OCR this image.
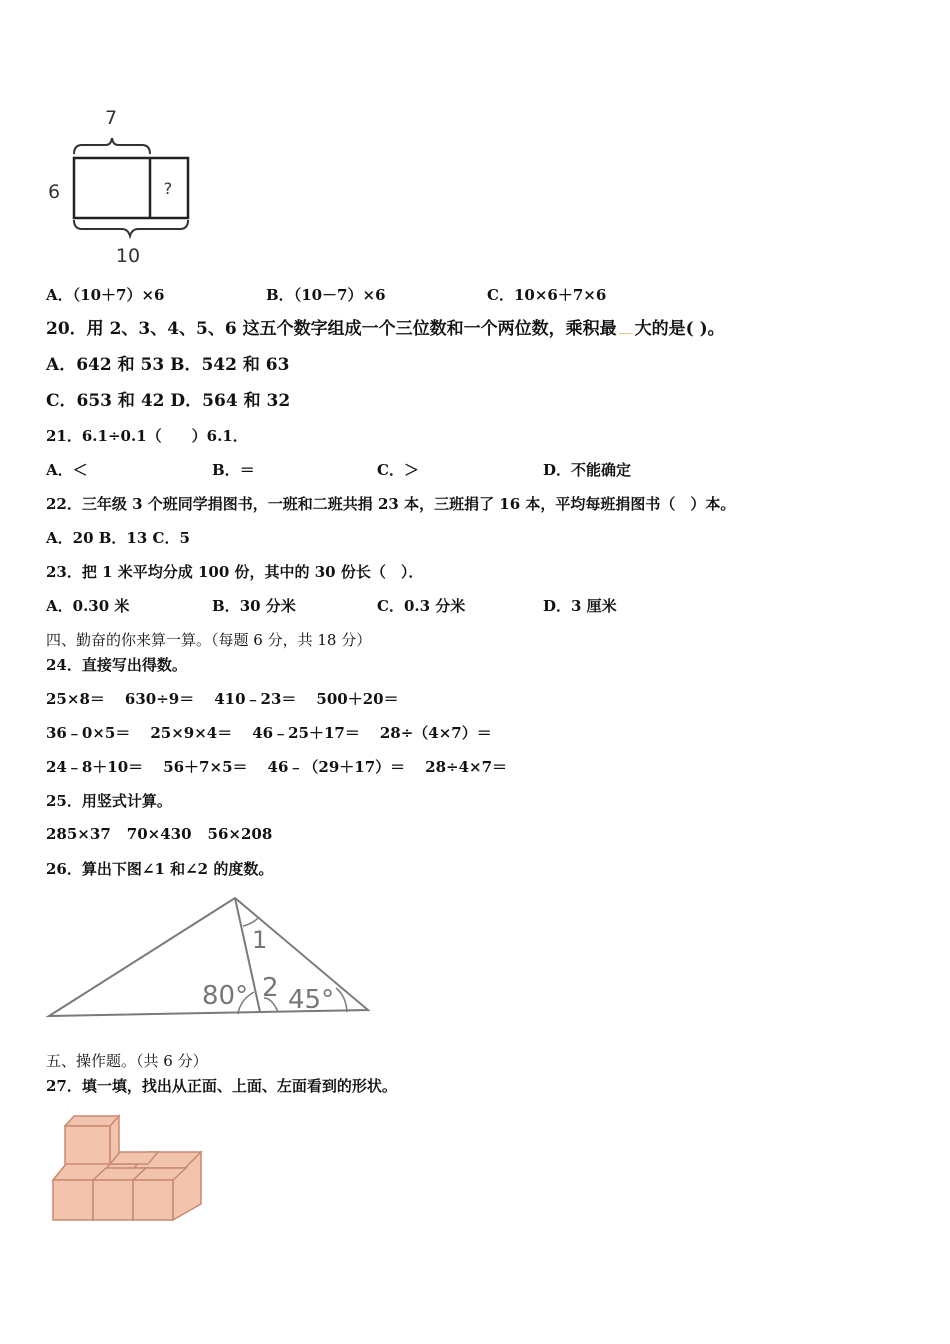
7
6	?
10
A．（10＋7）×6	B．（10－7）×6	C．10×6＋7×6
20．用 2、3、4、5、6 这五个数字组成一个三位数和一个两位数，乘积最 大的是( )。
A．642 和 53 B．542 和 63
C．653 和 42 D．564 和 32
21．6.1÷0.1（　　）6.1．
A．＜	B．＝	C．＞	D．不能确定
22．三年级 3 个班同学捐图书，一班和二班共捐 23 本，三班捐了 16 本，平均每班捐图书（　）本。
A．20 B．13 C．5
23．把 1 米平均分成 100 份，其中的 30 份长（　）．
A．0.30 米	B．30 分米	C．0.3 分米	D．3 厘米
四、勤奋的你来算一算。（每题 6 分，共 18 分）
24．直接写出得数。
25×8＝ 630÷9＝ 410﹣23＝ 500＋20＝
36﹣0×5＝ 25×9×4＝ 46﹣25＋17＝ 28÷（4×7）＝
24﹣8＋10＝ 56＋7×5＝ 46﹣（29＋17）＝ 28÷4×7＝
25．用竖式计算。
285×37 70×430 56×208
26．算出下图∠1 和∠2 的度数。
1
80° 2 45°
五、操作题。（共 6 分）
27．填一填，找出从正面、上面、左面看到的形状。
